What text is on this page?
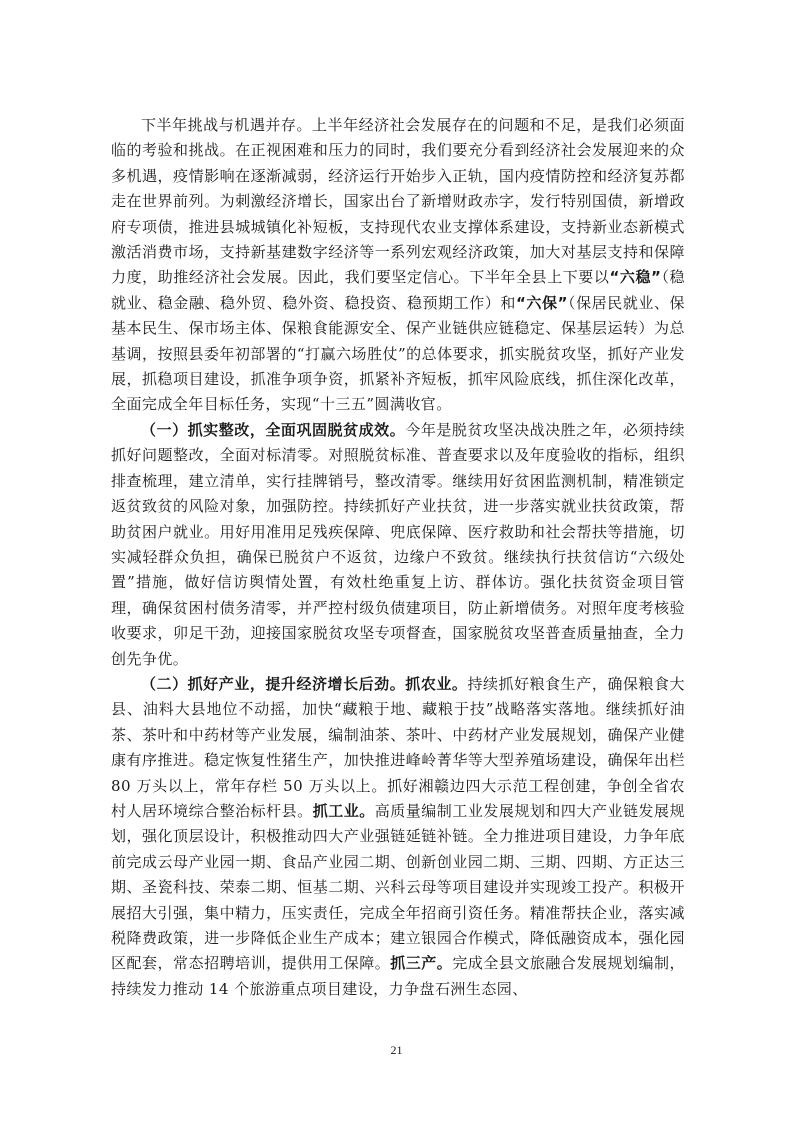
下半年挑战与机遇并存。上半年经济社会发展存在的问题和不足，是我们必须面临的考验和挑战。在正视困难和压力的同时，我们要充分看到经济社会发展迎来的众多机遇，疫情影响在逐渐减弱，经济运行开始步入正轨，国内疫情防控和经济复苏都走在世界前列。为刺激经济增长，国家出台了新增财政赤字，发行特别国债，新增政府专项债，推进县城城镇化补短板，支持现代农业支撑体系建设，支持新业态新模式激活消费市场，支持新基建数字经济等一系列宏观经济政策，加大对基层支持和保障力度，助推经济社会发展。因此，我们要坚定信心。下半年全县上下要以“六稳”（稳就业、稳金融、稳外贸、稳外资、稳投资、稳预期工作）和“六保”（保居民就业、保基本民生、保市场主体、保粮食能源安全、保产业链供应链稳定、保基层运转）为总基调，按照县委年初部署的“打赢六场胜仗”的总体要求，抓实脱贫攻坚，抓好产业发展，抓稳项目建设，抓准争项争资，抓紧补齐短板，抓牢风险底线，抓住深化改革，全面完成全年目标任务，实现“十三五”圆满收官。

（一）抓实整改，全面巩固脱贫成效。今年是脱贫攻坚决战决胜之年，必须持续抓好问题整改，全面对标清零。对照脱贫标准、普查要求以及年度验收的指标，组织排查梳理，建立清单，实行挂牌销号，整改清零。继续用好贫困监测机制，精准锁定返贫致贫的风险对象，加强防控。持续抓好产业扶贫，进一步落实就业扶贫政策，帮助贫困户就业。用好用准用足残疾保障、兜底保障、医疗救助和社会帮扶等措施，切实减轻群众负担，确保已脱贫户不返贫，边缘户不致贫。继续执行扶贫信访“六级处置”措施，做好信访舆情处置，有效杜绝重复上访、群体访。强化扶贫资金项目管理，确保贫困村债务清零，并严控村级负债建项目，防止新增债务。对照年度考核验收要求，卯足干劲，迎接国家脱贫攻坚专项督查，国家脱贫攻坚普查质量抽查，全力创先争优。

（二）抓好产业，提升经济增长后劲。抓农业。持续抓好粮食生产，确保粮食大县、油料大县地位不动摇，加快“藏粮于地、藏粮于技”战略落实落地。继续抓好油茶、茶叶和中药材等产业发展，编制油茶、茶叶、中药材产业发展规划，确保产业健康有序推进。稳定恢复性猪生产，加快推进峰岭菁华等大型养殖场建设，确保年出栏 80 万头以上，常年存栏 50 万头以上。抓好湘赣边四大示范工程创建，争创全省农村人居环境综合整治标杆县。抓工业。高质量编制工业发展规划和四大产业链发展规划，强化顶层设计，积极推动四大产业强链延链补链。全力推进项目建设，力争年底前完成云母产业园一期、食品产业园二期、创新创业园二期、三期、四期、方正达三期、圣瓷科技、荣泰二期、恒基二期、兴科云母等项目建设并实现竣工投产。积极开展招大引强，集中精力，压实责任，完成全年招商引资任务。精准帮扶企业，落实减税降费政策，进一步降低企业生产成本；建立银园合作模式，降低融资成本，强化园区配套，常态招聘培训，提供用工保障。抓三产。完成全县文旅融合发展规划编制，持续发力推动 14 个旅游重点项目建设，力争盘石洲生态园、

21
